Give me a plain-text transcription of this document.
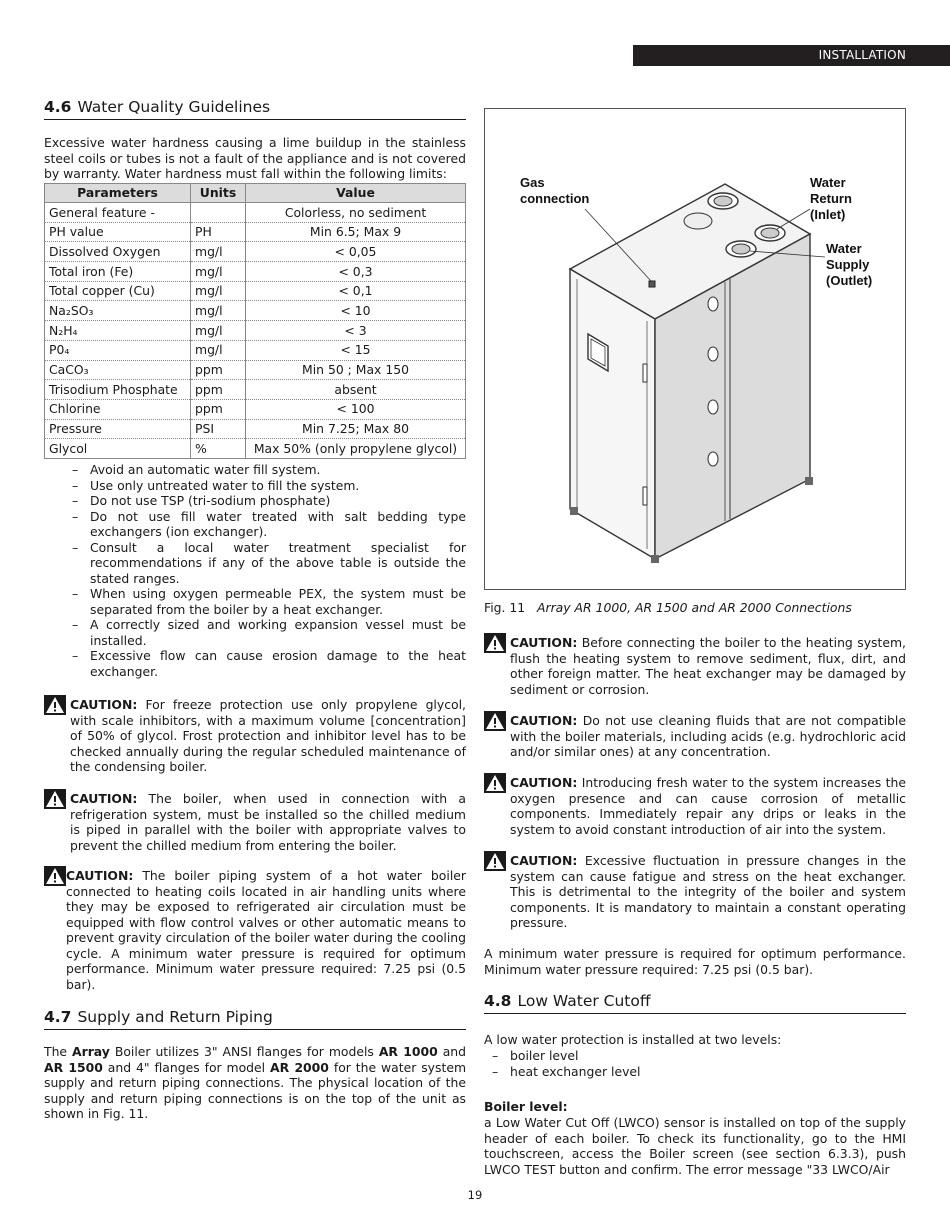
INSTALLATION
4.6 Water Quality Guidelines
Excessive water hardness causing a lime buildup in the stainless steel coils or tubes is not a fault of the appliance and is not covered by warranty. Water hardness must fall within the following limits:
Parameters	Units	Value
General feature -		Colorless, no sediment
PH value	PH	Min 6.5; Max 9
Dissolved Oxygen	mg/l	< 0,05
Total iron (Fe)	mg/l	< 0,3
Total copper (Cu)	mg/l	< 0,1
Na₂SO₃	mg/l	< 10
N₂H₄	mg/l	< 3
P0₄	mg/l	< 15
CaCO₃	ppm	Min 50 ; Max 150
Trisodium Phosphate	ppm	absent
Chlorine	ppm	< 100
Pressure	PSI	Min 7.25; Max 80
Glycol	%	Max 50% (only propylene glycol)
– Avoid an automatic water fill system.
– Use only untreated water to fill the system.
– Do not use TSP (tri-sodium phosphate)
– Do not use fill water treated with salt bedding type exchangers (ion exchanger).
– Consult a local water treatment specialist for recommendations if any of the above table is outside the stated ranges.
– When using oxygen permeable PEX, the system must be separated from the boiler by a heat exchanger.
– A correctly sized and working expansion vessel must be installed.
– Excessive flow can cause erosion damage to the heat exchanger.
CAUTION: For freeze protection use only propylene glycol, with scale inhibitors, with a maximum volume [concentration] of 50% of glycol. Frost protection and inhibitor level has to be checked annually during the regular scheduled maintenance of the condensing boiler.
CAUTION: The boiler, when used in connection with a refrigeration system, must be installed so the chilled medium is piped in parallel with the boiler with appropriate valves to prevent the chilled medium from entering the boiler.
CAUTION: The boiler piping system of a hot water boiler connected to heating coils located in air handling units where they may be exposed to refrigerated air circulation must be equipped with flow control valves or other automatic means to prevent gravity circulation of the boiler water during the cooling cycle. A minimum water pressure is required for optimum performance. Minimum water pressure required: 7.25 psi (0.5 bar).
4.7 Supply and Return Piping
The Array Boiler utilizes 3" ANSI flanges for models AR 1000 and AR 1500 and 4" flanges for model AR 2000 for the water system supply and return piping connections. The physical location of the supply and return piping connections is on the top of the unit as shown in Fig. 11.
Gas
connection
Water
Return
(Inlet)
Water
Supply
(Outlet)
Fig. 11 Array AR 1000, AR 1500 and AR 2000 Connections
CAUTION: Before connecting the boiler to the heating system, flush the heating system to remove sediment, flux, dirt, and other foreign matter. The heat exchanger may be damaged by sediment or corrosion.
CAUTION: Do not use cleaning fluids that are not compatible with the boiler materials, including acids (e.g. hydrochloric acid and/or similar ones) at any concentration.
CAUTION: Introducing fresh water to the system increases the oxygen presence and can cause corrosion of metallic components. Immediately repair any drips or leaks in the system to avoid constant introduction of air into the system.
CAUTION: Excessive fluctuation in pressure changes in the system can cause fatigue and stress on the heat exchanger. This is detrimental to the integrity of the boiler and system components. It is mandatory to maintain a constant operating pressure.
A minimum water pressure is required for optimum performance. Minimum water pressure required: 7.25 psi (0.5 bar).
4.8 Low Water Cutoff
A low water protection is installed at two levels:
– boiler level
– heat exchanger level
Boiler level:
a Low Water Cut Off (LWCO) sensor is installed on top of the supply header of each boiler. To check its functionality, go to the HMI touchscreen, access the Boiler screen (see section 6.3.3), push LWCO TEST button and confirm. The error message "33 LWCO/Air
19
